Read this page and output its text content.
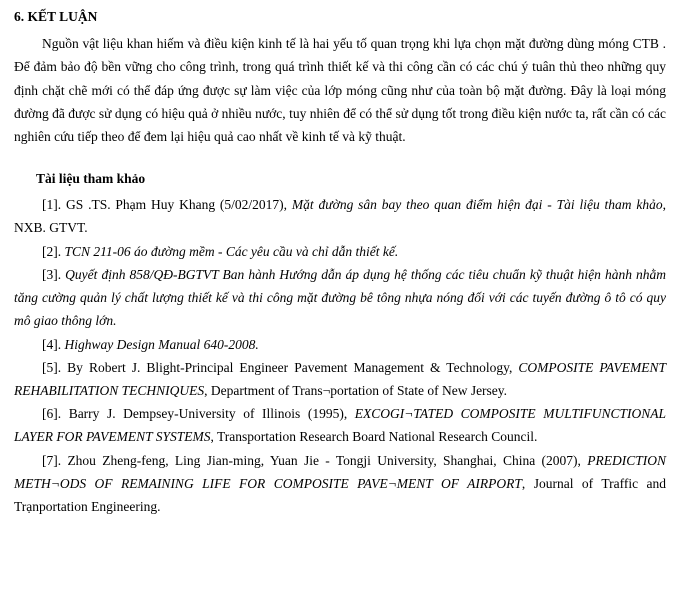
6. KẾT LUẬN

Nguồn vật liệu khan hiếm và điều kiện kinh tế là hai yếu tố quan trọng khi lựa chọn mặt đường dùng móng CTB . Để đảm bảo độ bền vững cho công trình, trong quá trình thiết kế và thi công cần có các chú ý tuân thủ theo những quy định chặt chẽ mới có thể đáp ứng được sự làm việc của lớp móng cũng như của toàn bộ mặt đường. Đây là loại móng đường đã được sử dụng có hiệu quả ở nhiều nước, tuy nhiên để có thể sử dụng tốt trong điều kiện nước ta, rất cần có các nghiên cứu tiếp theo để đem lại hiệu quả cao nhất về kinh tế và kỹ thuật.

Tài liệu tham khảo

[1]. GS .TS. Phạm Huy Khang (5/02/2017), Mặt đường sân bay theo quan điểm hiện đại - Tài liệu tham khảo, NXB. GTVT.

[2]. TCN 211-06 áo đường mềm - Các yêu cầu và chỉ dẫn thiết kế.

[3]. Quyết định 858/QĐ-BGTVT Ban hành Hướng dẫn áp dụng hệ thống các tiêu chuẩn kỹ thuật hiện hành nhằm tăng cường quản lý chất lượng thiết kế và thi công mặt đường bê tông nhựa nóng đối với các tuyến đường ô tô có quy mô giao thông lớn.

[4]. Highway Design Manual 640-2008.

[5]. By Robert J. Blight-Principal Engineer Pavement Management & Technology, COMPOSITE PAVEMENT REHABILITATION TECHNIQUES, Department of Trans¬portation of State of New Jersey.

[6]. Barry J. Dempsey-University of Illinois (1995), EXCOGI¬TATED COMPOSITE MULTIFUNCTIONAL LAYER FOR PAVEMENT SYSTEMS, Transportation Research Board National Research Council.

[7]. Zhou Zheng-feng, Ling Jian-ming, Yuan Jie - Tongji University, Shanghai, China (2007), PREDICTION METH¬ODS OF REMAINING LIFE FOR COMPOSITE PAVE¬MENT OF AIRPORT, Journal of Traffic and Trạnportation Engineering.
